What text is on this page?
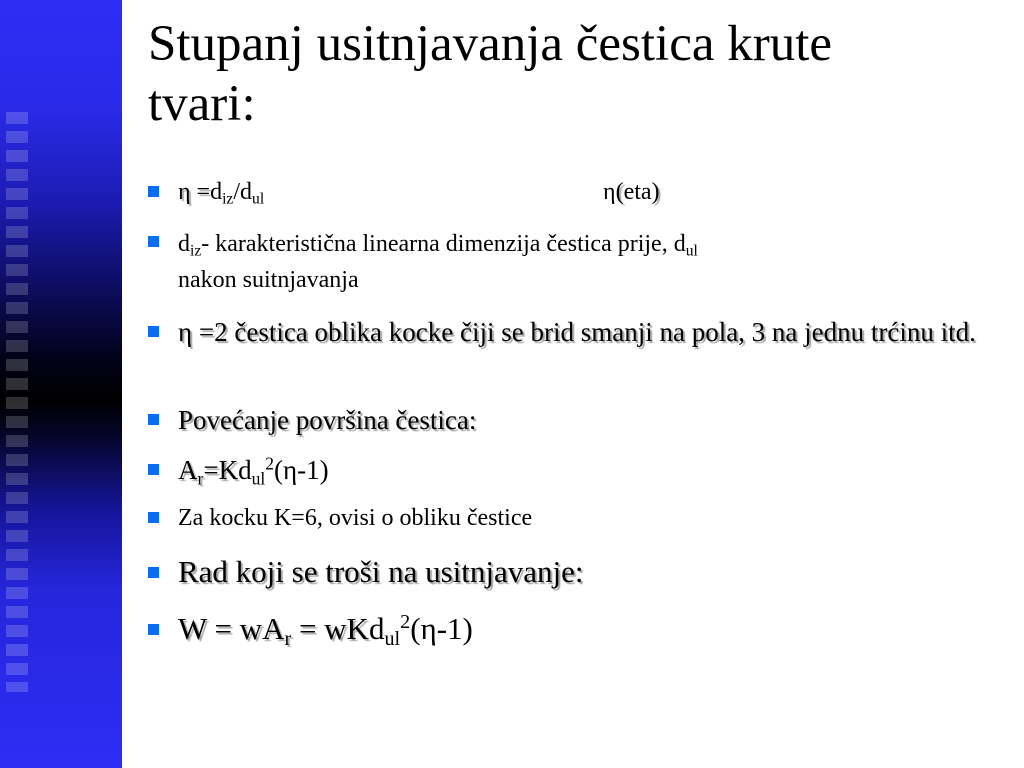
Stupanj usitnjavanja čestica krute
tvari:
$\eta =d_{iz}/d_{ul}$	η(eta)
$d_{iz}-$ karakteristična linearna dimenzija čestica prije, $d_{ul}$
nakon suitnjavanja
η =2 čestica oblika kocke čiji se brid smanji na pola, 3 na jednu trćinu itd.
Povećanje površina čestica:
$A_r=Kd_{ul}^2(\eta-1)$
Za kocku K=6, ovisi o obliku čestice
Rad koji se troši na usitnjavanje:
$W = wA_r = wKd_{ul}^2(\eta-1)$
